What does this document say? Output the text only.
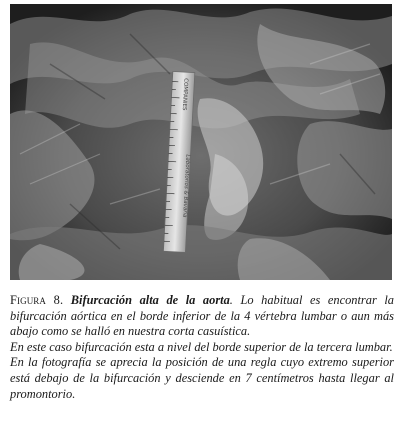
COMPANIES
Laboratorios & Bavaria

Figura 8. Bifurcación alta de la aorta. Lo habitual es encontrar la bifurcación aórtica en el borde inferior de la 4 vértebra lumbar o aun más abajo como se halló en nuestra corta casuística.

En este caso bifurcación esta a nivel del borde superior de la tercera lumbar.

En la fotografía se aprecia la posición de una regla cuyo extremo superior está debajo de la bifurcación y desciende en 7 centímetros hasta llegar al promontorio.
